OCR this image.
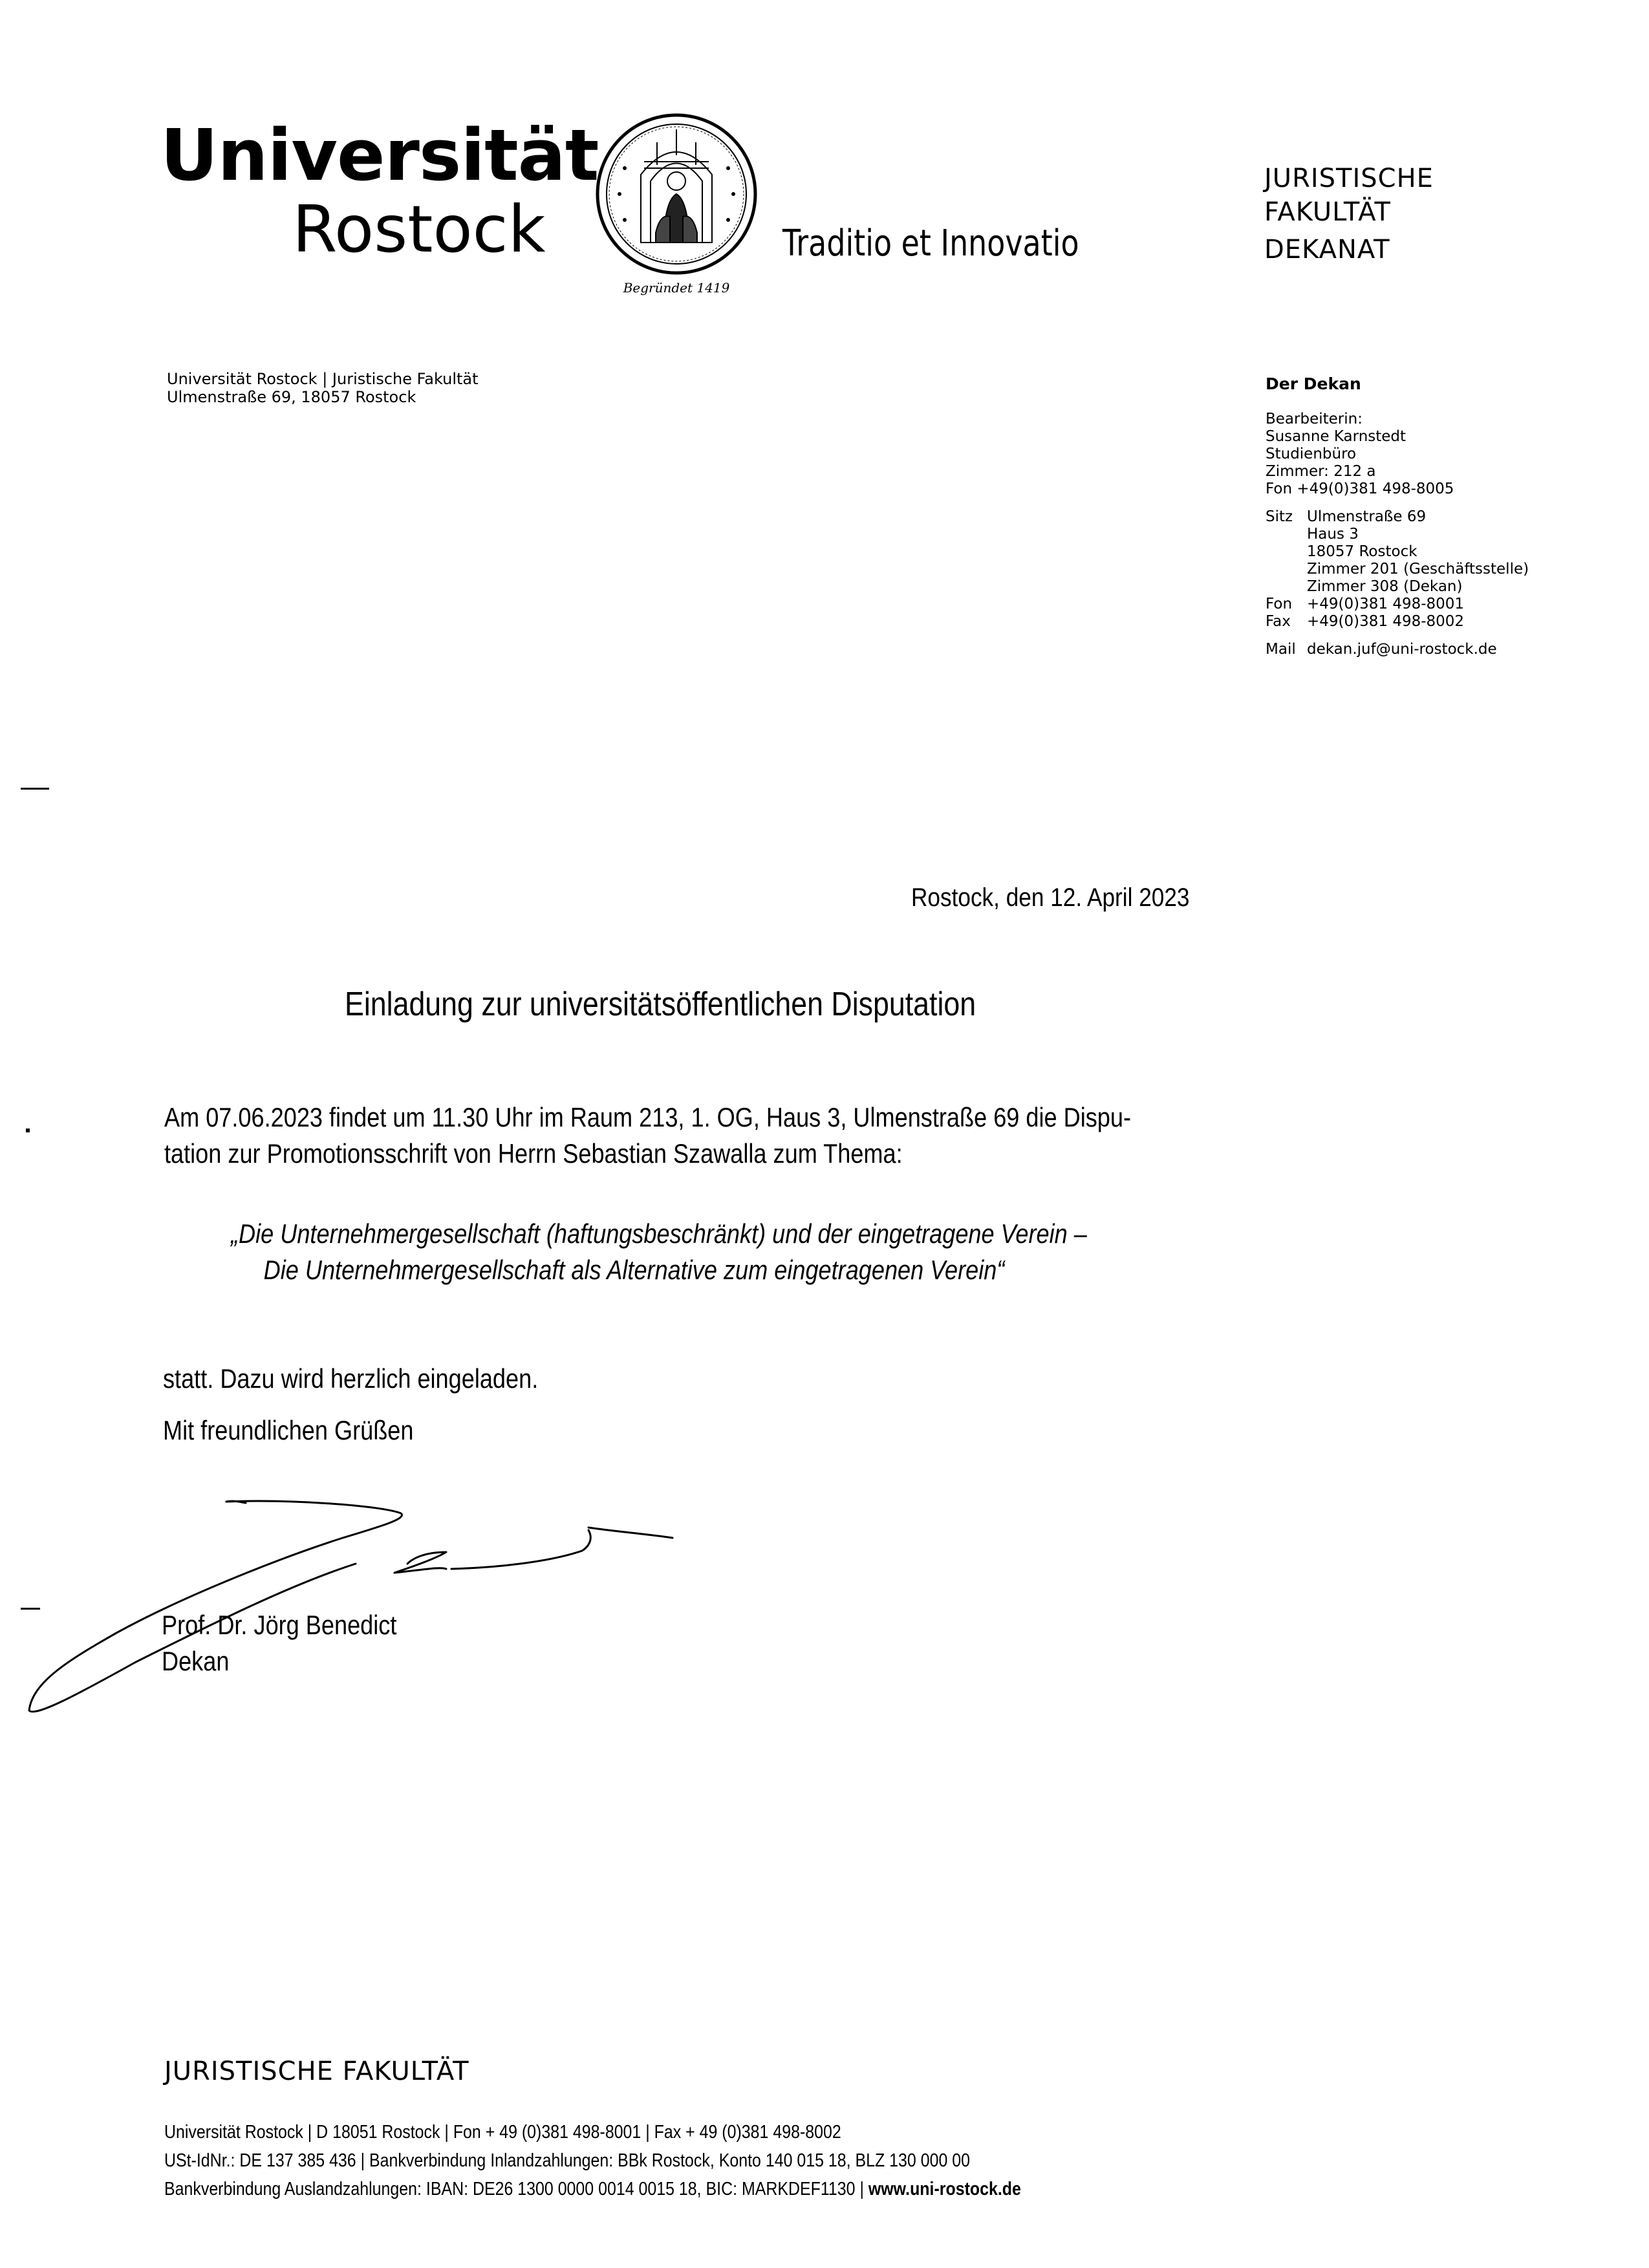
Universität
Rostock
Begründet 1419
Traditio et Innovatio
JURISTISCHE
FAKULTÄT
DEKANAT
Universität Rostock | Juristische Fakultät
Ulmenstraße 69, 18057 Rostock
Der Dekan
Bearbeiterin:
Susanne Karnstedt
Studienbüro
Zimmer: 212 a
Fon +49(0)381 498-8005
Sitz Ulmenstraße 69
Haus 3
18057 Rostock
Zimmer 201 (Geschäftsstelle)
Zimmer 308 (Dekan)
Fon +49(0)381 498-8001
Fax	+49(0)381 498-8002
Mail dekan.juf@uni-rostock.de
Rostock, den 12. April 2023
Einladung zur universitätsöffentlichen Disputation
Am 07.06.2023 findet um 11.30 Uhr im Raum 213, 1. OG, Haus 3, Ulmenstraße 69 die Dispu-
tation zur Promotionsschrift von Herrn Sebastian Szawalla zum Thema:
„Die Unternehmergesellschaft (haftungsbeschränkt) und der eingetragene Verein –
Die Unternehmergesellschaft als Alternative zum eingetragenen Verein“
statt. Dazu wird herzlich eingeladen.
Mit freundlichen Grüßen
Prof. Dr. Jörg Benedict
Dekan
JURISTISCHE FAKULTÄT
Universität Rostock | D 18051 Rostock | Fon + 49 (0)381 498-8001 | Fax + 49 (0)381 498-8002
USt-IdNr.: DE 137 385 436 | Bankverbindung Inlandzahlungen: BBk Rostock, Konto 140 015 18, BLZ 130 000 00
Bankverbindung Auslandzahlungen: IBAN: DE26 1300 0000 0014 0015 18, BIC: MARKDEF1130 | www.uni-rostock.de
